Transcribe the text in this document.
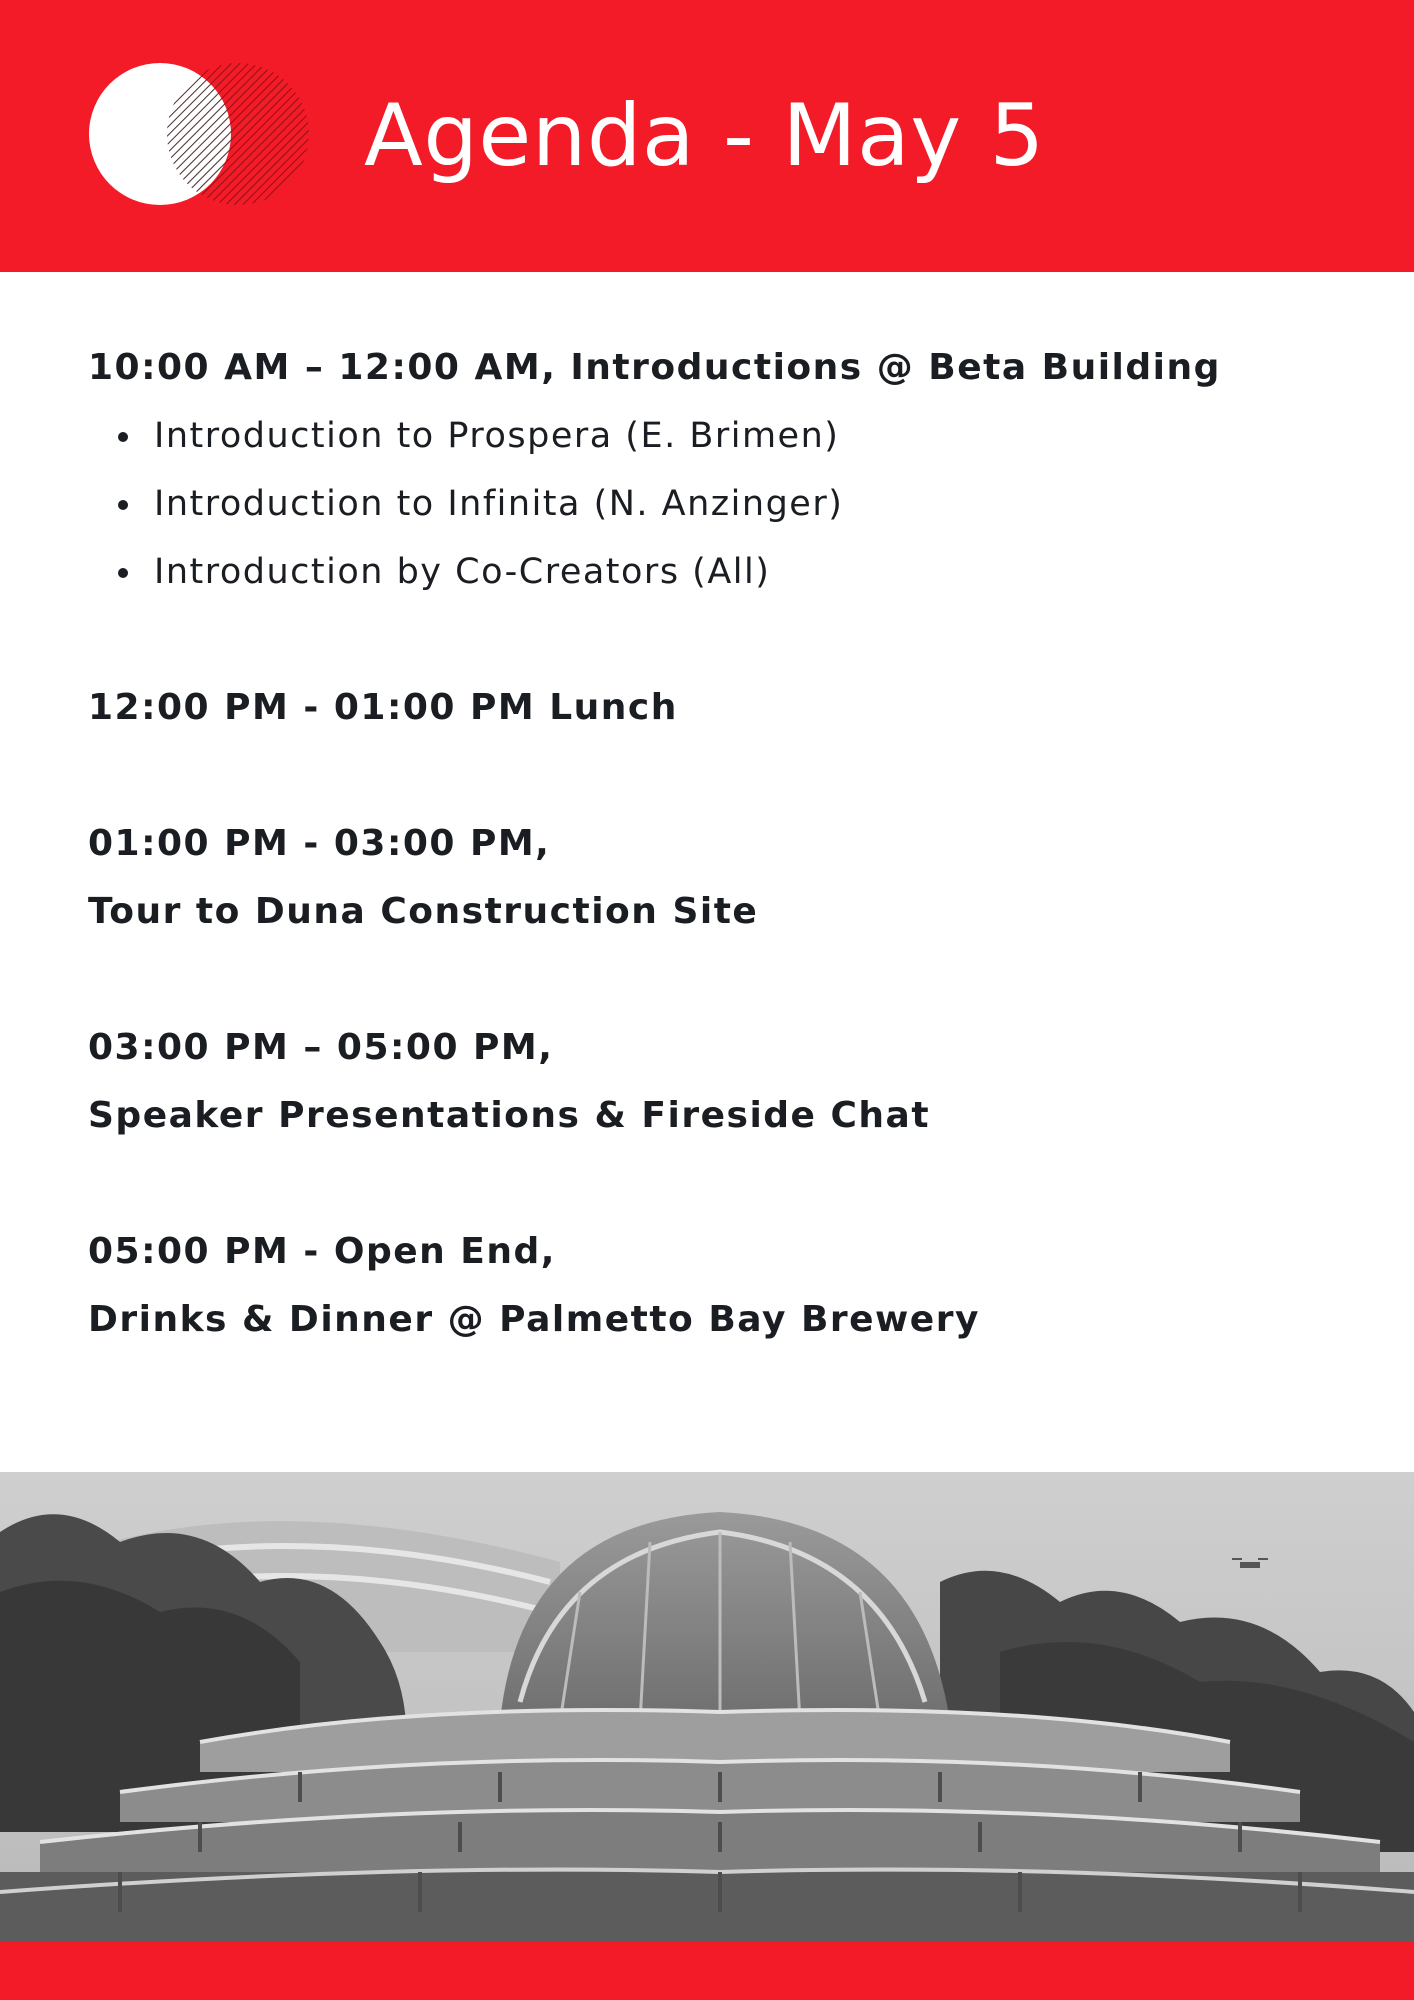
Agenda - May 5

10:00 AM – 12:00 AM, Introductions @ Beta Building

Introduction to Prospera (E. Brimen)
Introduction to Infinita (N. Anzinger)
Introduction by Co-Creators (All)

12:00 PM - 01:00 PM Lunch

01:00 PM - 03:00 PM,

Tour to Duna Construction Site

03:00 PM – 05:00 PM,

Speaker Presentations & Fireside Chat

05:00 PM - Open End,

Drinks & Dinner @ Palmetto Bay Brewery
